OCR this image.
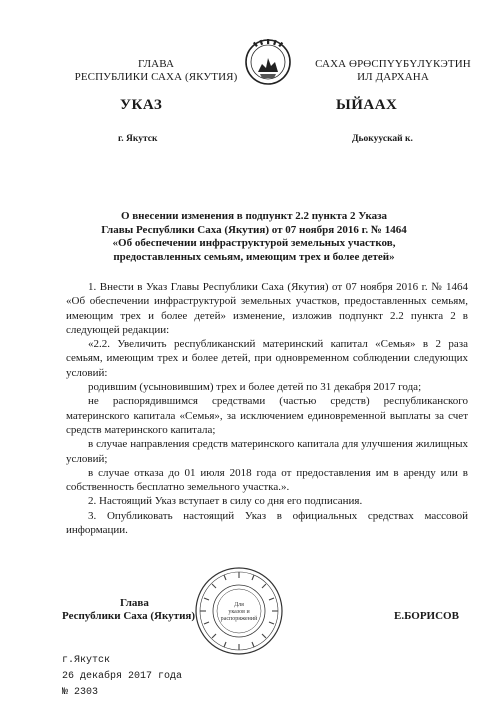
ГЛАВА
РЕСПУБЛИКИ САХА (ЯКУТИЯ)
САХА ӨРӨСПҮҮБҮЛҮКЭТИН
ИЛ ДАРХАНА
УКАЗ	ЫЙААХ
г. Якутск	Дьокуускай к.
О внесении изменения в подпункт 2.2 пункта 2 Указа
Главы Республики Саха (Якутия) от 07 ноября 2016 г. № 1464
«Об обеспечении инфраструктурой земельных участков,
предоставленных семьям, имеющим трех и более детей»

1. Внести в Указ Главы Республики Саха (Якутия) от 07 ноября 2016 г. № 1464 «Об обеспечении инфраструктурой земельных участков, предоставленных семьям, имеющим трех и более детей» изменение, изложив подпункт 2.2 пункта 2 в следующей редакции:

«2.2. Увеличить республиканский материнский капитал «Семья» в 2 раза семьям, имеющим трех и более детей, при одновременном соблюдении следующих условий:

родившим (усыновившим) трех и более детей по 31 декабря 2017 года;

не распорядившимся средствами (частью средств) республиканского материнского капитала «Семья», за исключением единовременной выплаты за счет средств материнского капитала;

в случае направления средств материнского капитала для улучшения жилищных условий;

в случае отказа до 01 июля 2018 года от предоставления им в аренду или в собственность бесплатно земельного участка.».

2. Настоящий Указ вступает в силу со дня его подписания.

3. Опубликовать настоящий Указ в официальных средствах массовой информации.

Для
указов и
распоряжений
Глава
Республики Саха (Якутия)	Е.БОРИСОВ
г.Якутск
26 декабря 2017 года
№ 2303
